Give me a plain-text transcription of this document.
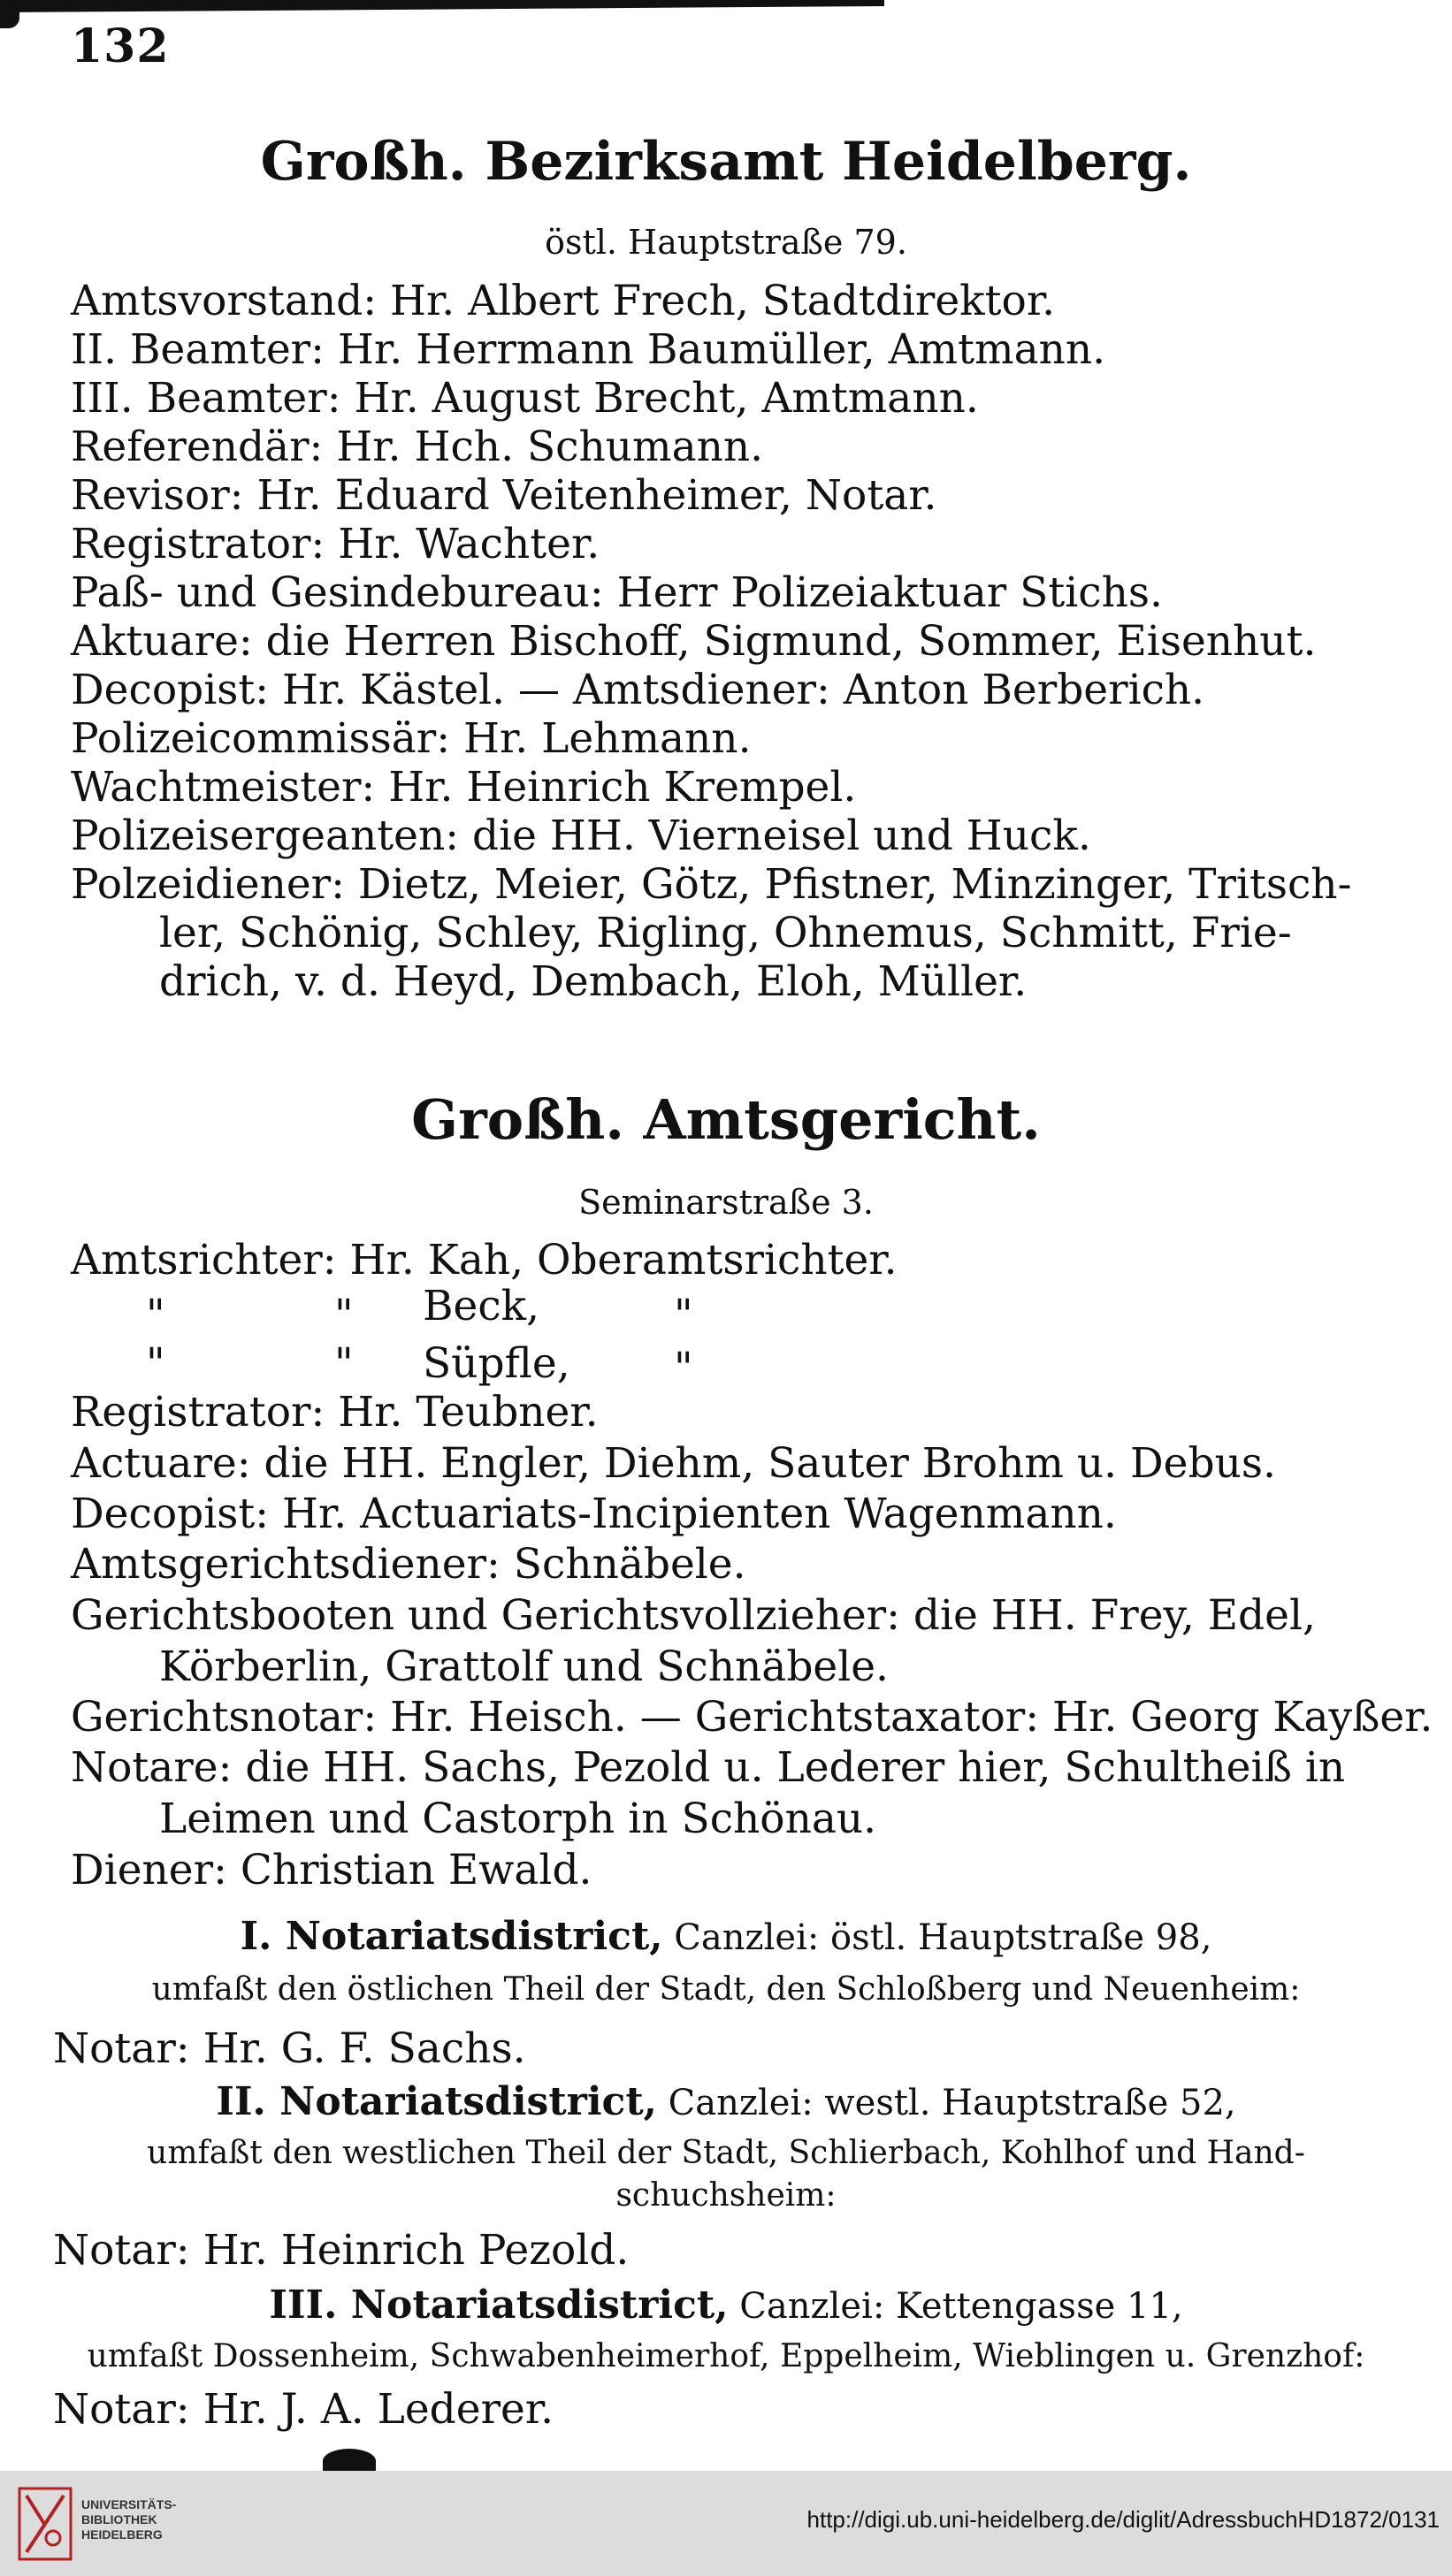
132
Großh. Bezirksamt Heidelberg.
östl. Hauptstraße 79.
Amtsvorstand: Hr. Albert Frech, Stadtdirektor.
II. Beamter: Hr. Herrmann Baumüller, Amtmann.
III. Beamter: Hr. August Brecht, Amtmann.
Referendär: Hr. Hch. Schumann.
Revisor: Hr. Eduard Veitenheimer, Notar.
Registrator: Hr. Wachter.
Paß- und Gesindebureau: Herr Polizeiaktuar Stichs.
Aktuare: die Herren Bischoff, Sigmund, Sommer, Eisenhut.
Decopist: Hr. Kästel. — Amtsdiener: Anton Berberich.
Polizeicommissär: Hr. Lehmann.
Wachtmeister: Hr. Heinrich Krempel.
Polizeisergeanten: die HH. Vierneisel und Huck.
Polzeidiener: Dietz, Meier, Götz, Pfistner, Minzinger, Tritsch-
ler, Schönig, Schley, Rigling, Ohnemus, Schmitt, Frie-
drich, v. d. Heyd, Dembach, Eloh, Müller.
Großh. Amtsgericht.
Seminarstraße 3.
Amtsrichter: Hr. Kah, Oberamtsrichter.
"	" Beck,	"
"	" Süpfle, "
Registrator: Hr. Teubner.
Actuare: die HH. Engler, Diehm, Sauter Brohm u. Debus.
Decopist: Hr. Actuariats-Incipienten Wagenmann.
Amtsgerichtsdiener: Schnäbele.
Gerichtsbooten und Gerichtsvollzieher: die HH. Frey, Edel,
Körberlin, Grattolf und Schnäbele.
Gerichtsnotar: Hr. Heisch. — Gerichtstaxator: Hr. Georg Kayßer.
Notare: die HH. Sachs, Pezold u. Lederer hier, Schultheiß in
Leimen und Castorph in Schönau.
Diener: Christian Ewald.
I. Notariatsdistrict, Canzlei: östl. Hauptstraße 98,
umfaßt den östlichen Theil der Stadt, den Schloßberg und Neuenheim:
Notar: Hr. G. F. Sachs.
II. Notariatsdistrict, Canzlei: westl. Hauptstraße 52,
umfaßt den westlichen Theil der Stadt, Schlierbach, Kohlhof und Hand-
schuchsheim:
Notar: Hr. Heinrich Pezold.
III. Notariatsdistrict, Canzlei: Kettengasse 11,
umfaßt Dossenheim, Schwabenheimerhof, Eppelheim, Wieblingen u. Grenzhof:
Notar: Hr. J. A. Lederer.
UNIVERSITÄTS-
BIBLIOTHEK
HEIDELBERG
http://digi.ub.uni-heidelberg.de/diglit/AdressbuchHD1872/0131
